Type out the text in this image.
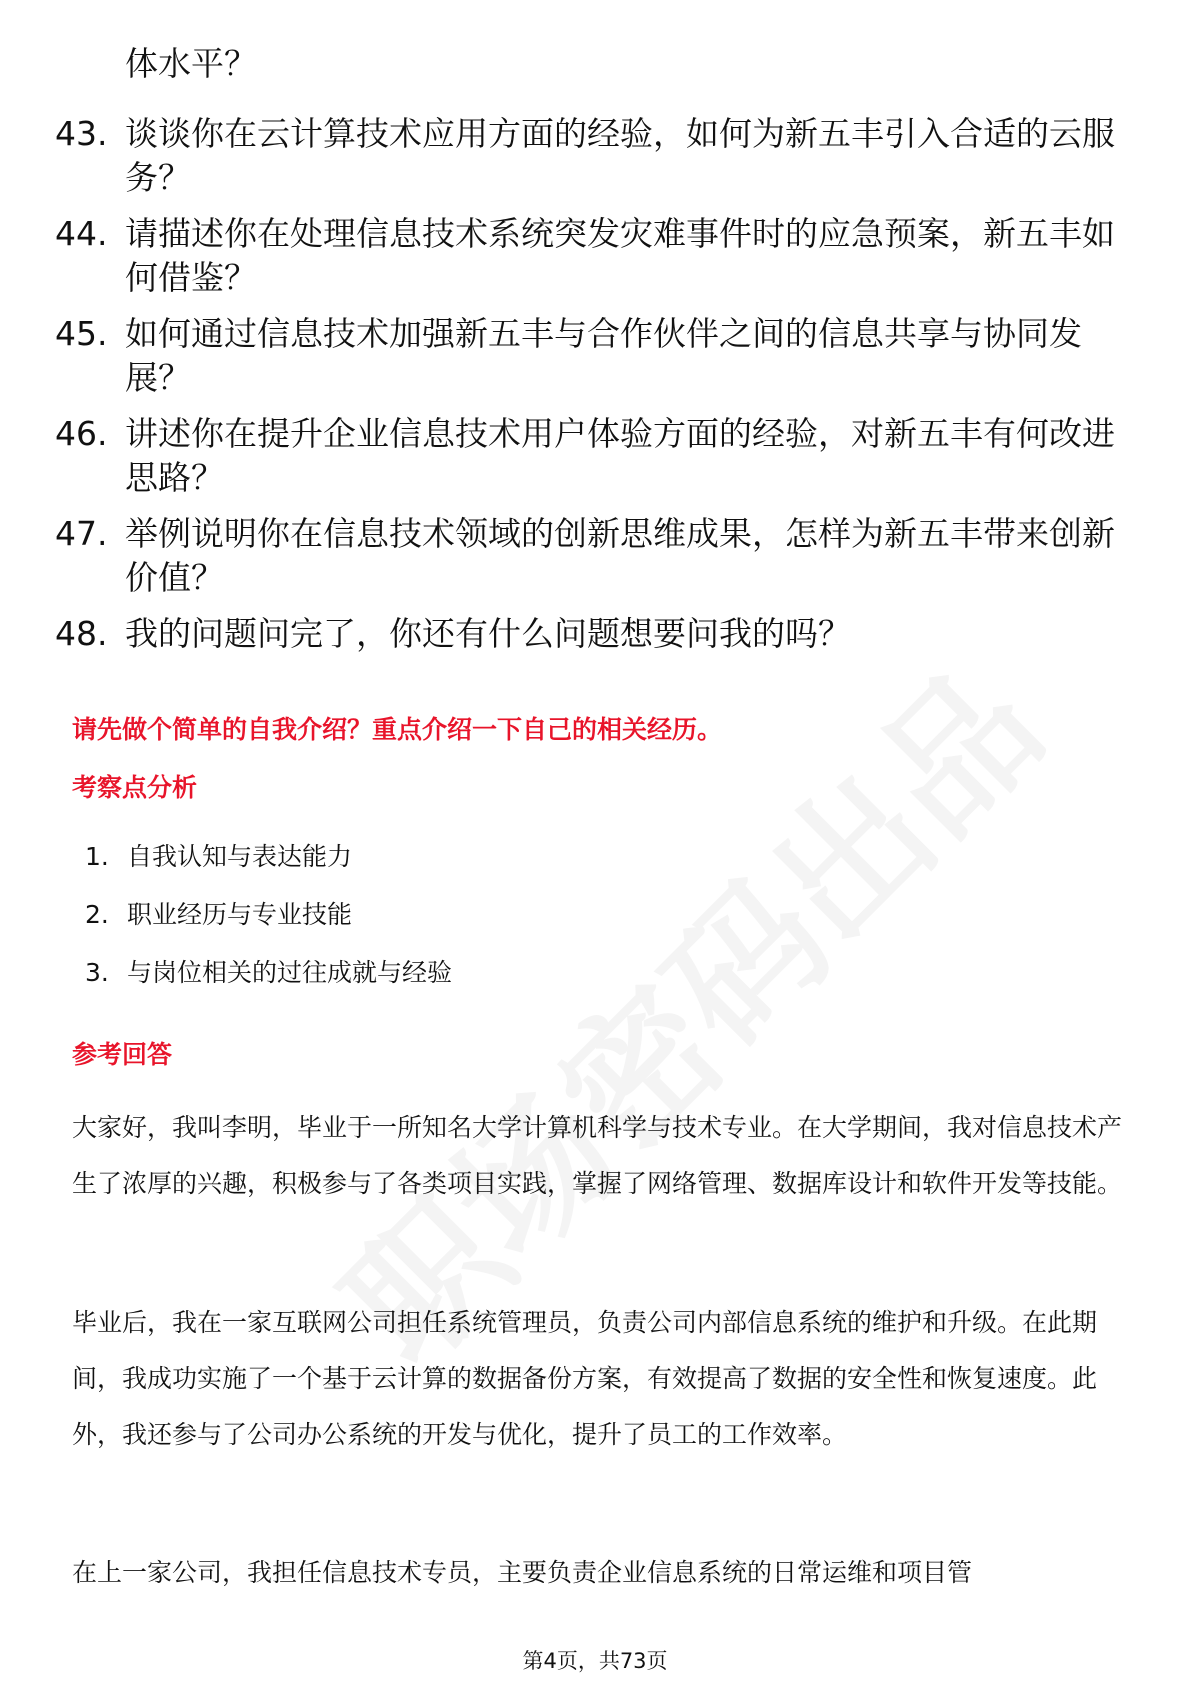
体水平？
43. 谈谈你在云计算技术应用方面的经验，如何为新五丰引入合适的云服务？
44. 请描述你在处理信息技术系统突发灾难事件时的应急预案，新五丰如何借鉴？
45. 如何通过信息技术加强新五丰与合作伙伴之间的信息共享与协同发展？
46. 讲述你在提升企业信息技术用户体验方面的经验，对新五丰有何改进思路？
47. 举例说明你在信息技术领域的创新思维成果，怎样为新五丰带来创新价值？
48. 我的问题问完了，你还有什么问题想要问我的吗？
请先做个简单的自我介绍？重点介绍一下自己的相关经历。
考察点分析
1. 自我认知与表达能力
2. 职业经历与专业技能
3. 与岗位相关的过往成就与经验
参考回答
大家好，我叫李明，毕业于一所知名大学计算机科学与技术专业。在大学期间，我对信息技术产生了浓厚的兴趣，积极参与了各类项目实践，掌握了网络管理、数据库设计和软件开发等技能。
毕业后，我在一家互联网公司担任系统管理员，负责公司内部信息系统的维护和升级。在此期间，我成功实施了一个基于云计算的数据备份方案，有效提高了数据的安全性和恢复速度。此外，我还参与了公司办公系统的开发与优化，提升了员工的工作效率。
在上一家公司，我担任信息技术专员，主要负责企业信息系统的日常运维和项目管
第4页，共73页
